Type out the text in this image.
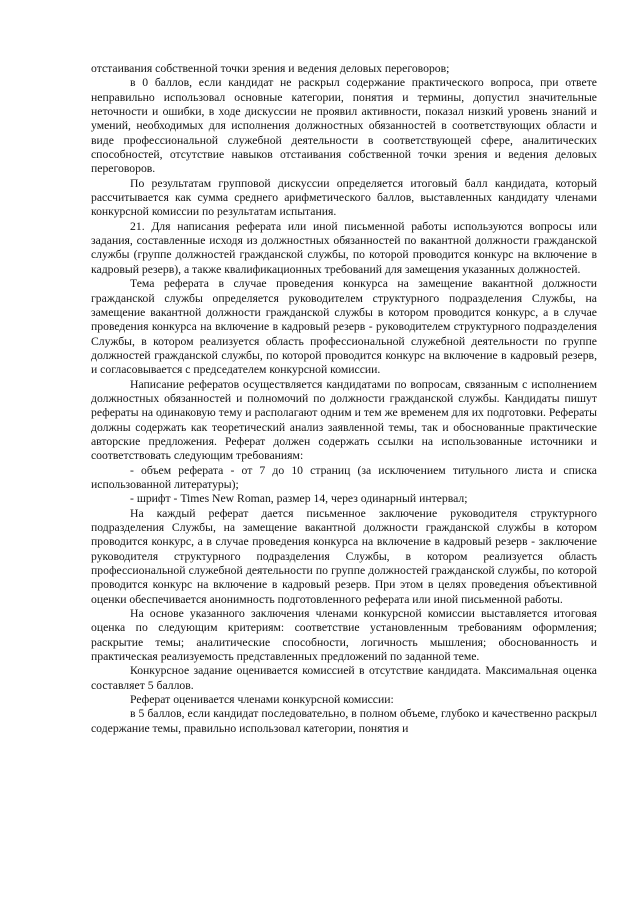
отстаивания собственной точки зрения и ведения деловых переговоров;

в 0 баллов, если кандидат не раскрыл содержание практического вопроса, при ответе неправильно использовал основные категории, понятия и термины, допустил значительные неточности и ошибки, в ходе дискуссии не проявил активности, показал низкий уровень знаний и умений, необходимых для исполнения должностных обязанностей в соответствующих области и виде профессиональной служебной деятельности в соответствующей сфере, аналитических способностей, отсутствие навыков отстаивания собственной точки зрения и ведения деловых переговоров.

По результатам групповой дискуссии определяется итоговый балл кандидата, который рассчитывается как сумма среднего арифметического баллов, выставленных кандидату членами конкурсной комиссии по результатам испытания.

21. Для написания реферата или иной письменной работы используются вопросы или задания, составленные исходя из должностных обязанностей по вакантной должности гражданской службы (группе должностей гражданской службы, по которой проводится конкурс на включение в кадровый резерв), а также квалификационных требований для замещения указанных должностей.

Тема реферата в случае проведения конкурса на замещение вакантной должности гражданской службы определяется руководителем структурного подразделения Службы, на замещение вакантной должности гражданской службы в котором проводится конкурс, а в случае проведения конкурса на включение в кадровый резерв - руководителем структурного подразделения Службы, в котором реализуется область профессиональной служебной деятельности по группе должностей гражданской службы, по которой проводится конкурс на включение в кадровый резерв, и согласовывается с председателем конкурсной комиссии.

Написание рефератов осуществляется кандидатами по вопросам, связанным с исполнением должностных обязанностей и полномочий по должности гражданской службы. Кандидаты пишут рефераты на одинаковую тему и располагают одним и тем же временем для их подготовки. Рефераты должны содержать как теоретический анализ заявленной темы, так и обоснованные практические авторские предложения. Реферат должен содержать ссылки на использованные источники и соответствовать следующим требованиям:

- объем реферата - от 7 до 10 страниц (за исключением титульного листа и списка использованной литературы);

- шрифт - Times New Roman, размер 14, через одинарный интервал;

На каждый реферат дается письменное заключение руководителя структурного подразделения Службы, на замещение вакантной должности гражданской службы в котором проводится конкурс, а в случае проведения конкурса на включение в кадровый резерв - заключение руководителя структурного подразделения Службы, в котором реализуется область профессиональной служебной деятельности по группе должностей гражданской службы, по которой проводится конкурс на включение в кадровый резерв. При этом в целях проведения объективной оценки обеспечивается анонимность подготовленного реферата или иной письменной работы.

На основе указанного заключения членами конкурсной комиссии выставляется итоговая оценка по следующим критериям: соответствие установленным требованиям оформления; раскрытие темы; аналитические способности, логичность мышления; обоснованность и практическая реализуемость представленных предложений по заданной теме.

Конкурсное задание оценивается комиссией в отсутствие кандидата. Максимальная оценка составляет 5 баллов.

Реферат оценивается членами конкурсной комиссии:

в 5 баллов, если кандидат последовательно, в полном объеме, глубоко и качественно раскрыл содержание темы, правильно использовал категории, понятия и
